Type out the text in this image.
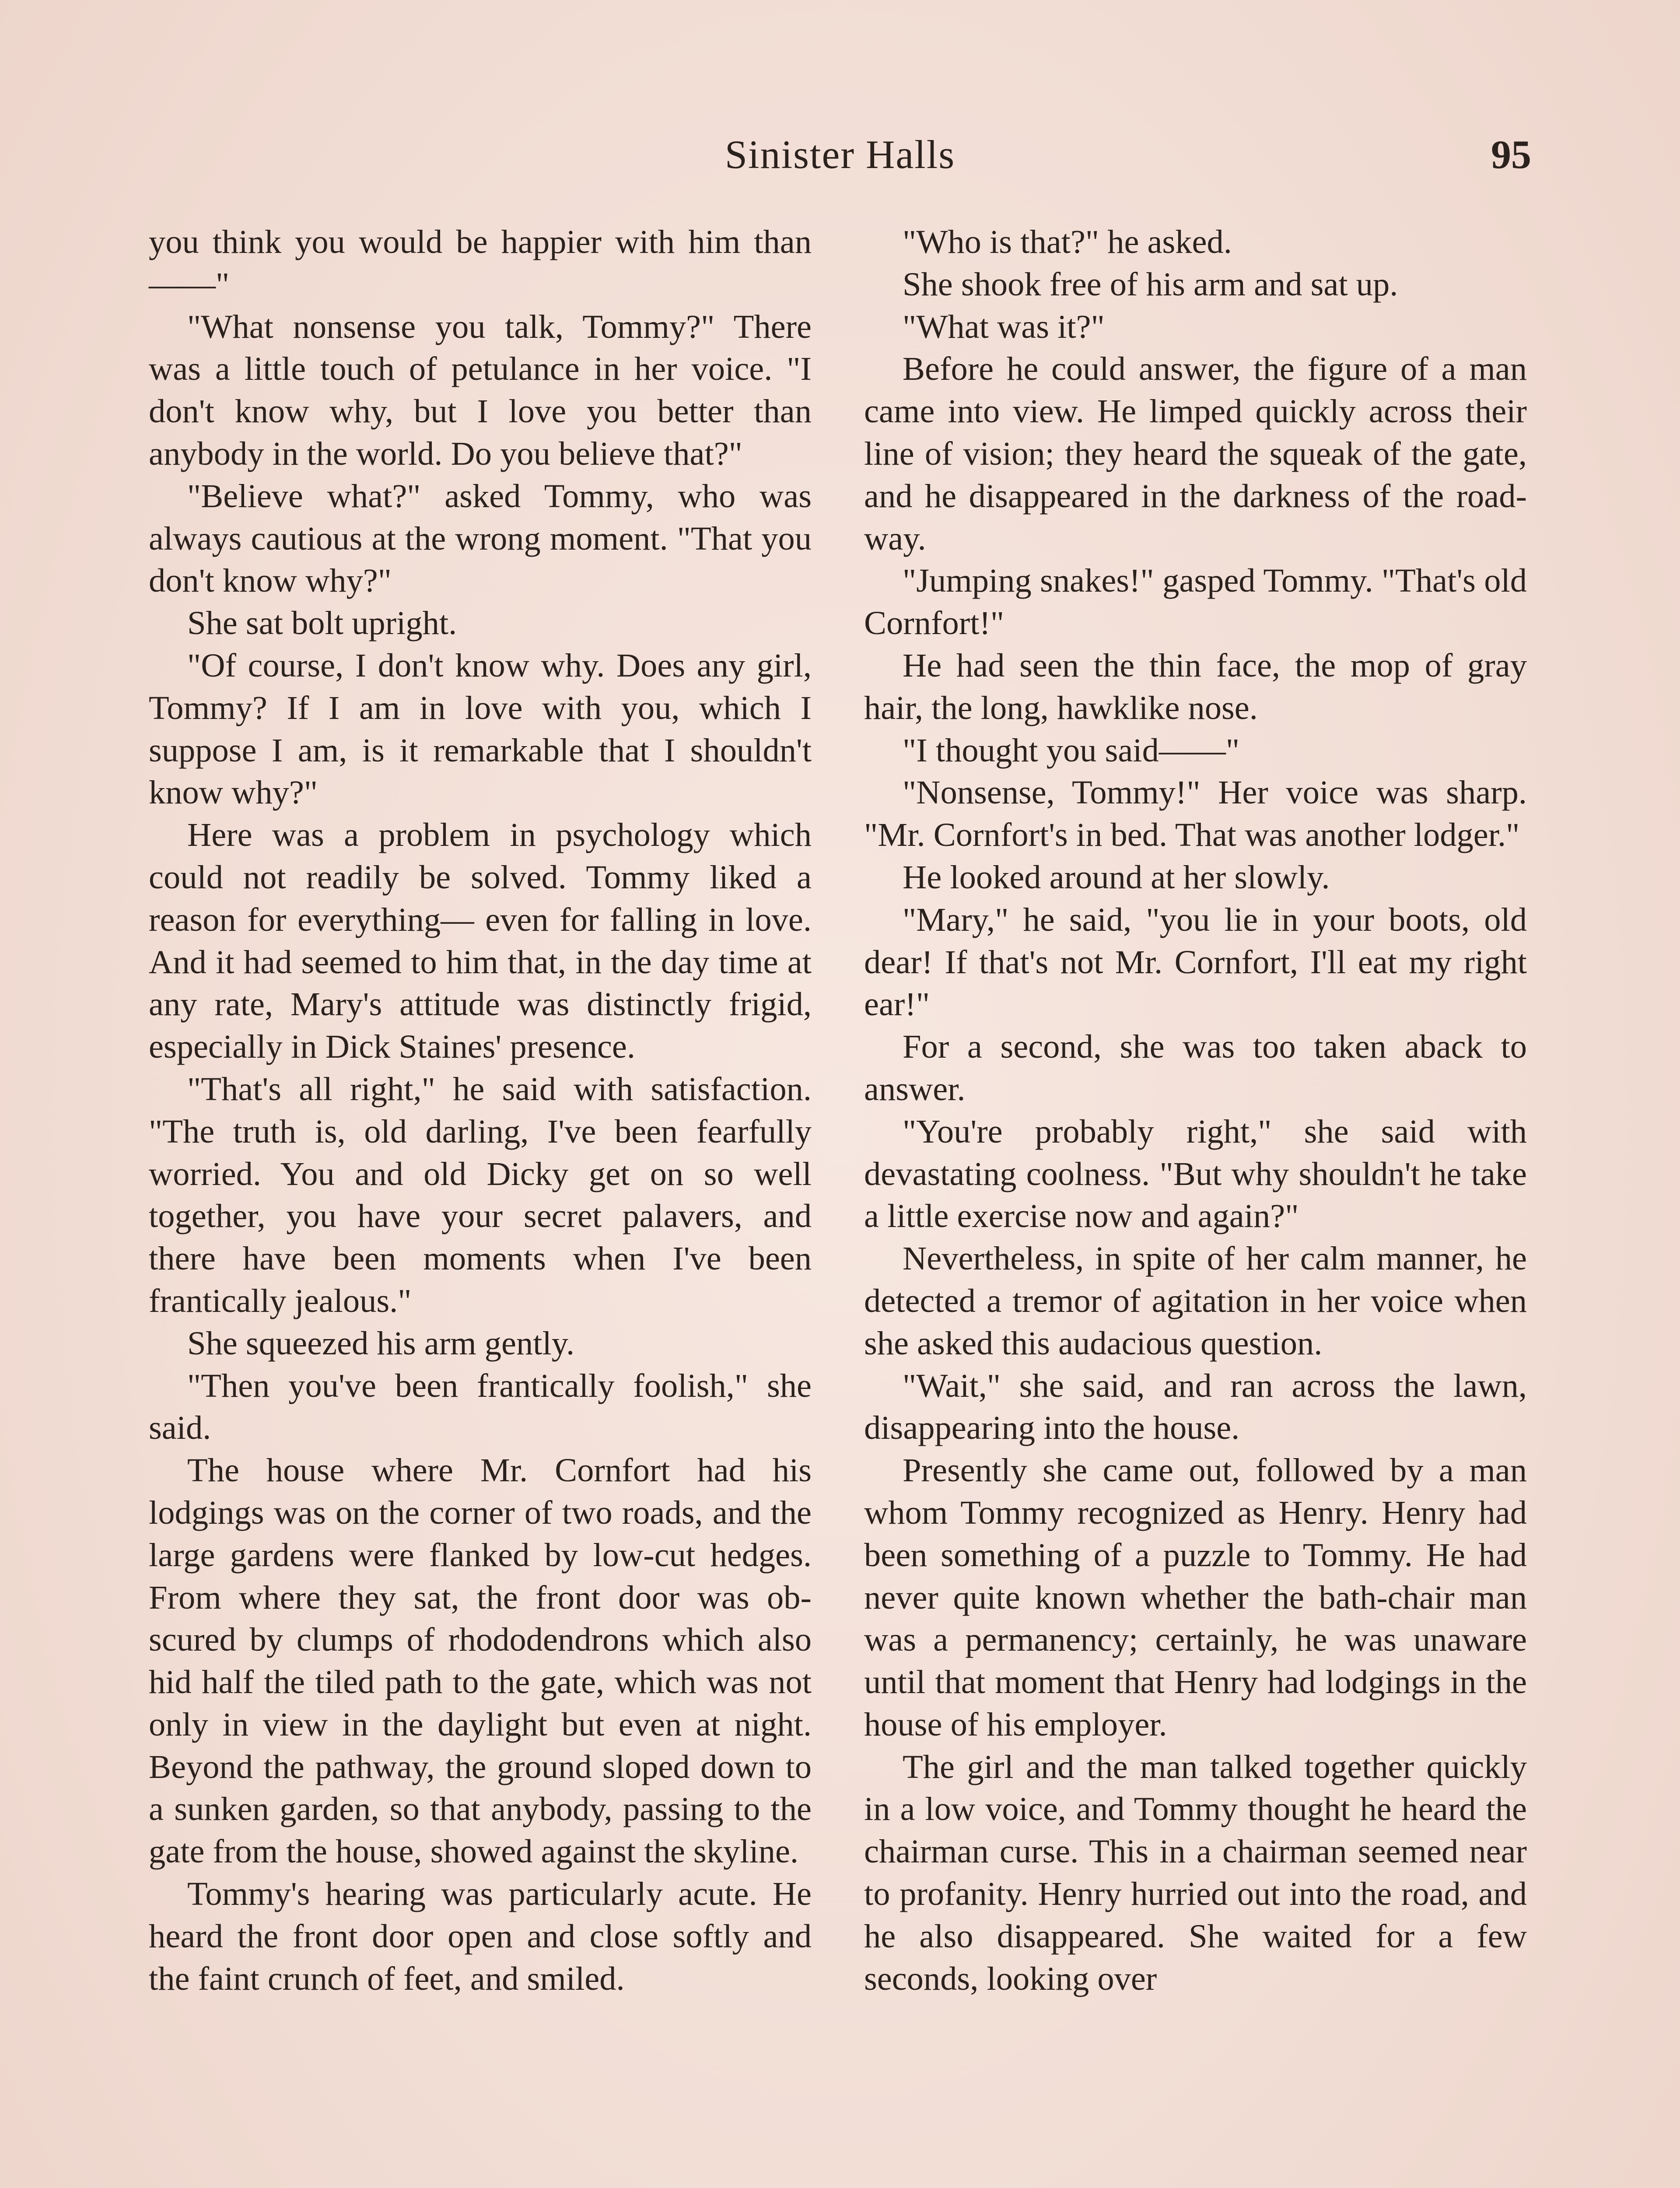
Sinister Halls	95

you think you would be happier with him than——"

"What nonsense you talk, Tommy?" There was a little touch of petulance in her voice. "I don't know why, but I love you better than anybody in the world. Do you believe that?"

"Believe what?" asked Tommy, who was always cautious at the wrong moment. "That you don't know why?"

She sat bolt upright.

"Of course, I don't know why. Does any girl, Tommy? If I am in love with you, which I suppose I am, is it remarkable that I shouldn't know why?"

Here was a problem in psychology which could not readily be solved. Tommy liked a reason for everything— even for falling in love. And it had seemed to him that, in the day time at any rate, Mary's attitude was distinctly frigid, especially in Dick Staines' presence.

"That's all right," he said with satisfaction. "The truth is, old darling, I've been fearfully worried. You and old Dicky get on so well together, you have your secret palavers, and there have been moments when I've been frantically jealous."

She squeezed his arm gently.

"Then you've been frantically foolish," she said.

The house where Mr. Cornfort had his lodgings was on the corner of two roads, and the large gardens were flanked by low-cut hedges. From where they sat, the front door was obscured by clumps of rhododendrons which also hid half the tiled path to the gate, which was not only in view in the daylight but even at night. Beyond the pathway, the ground sloped down to a sunken garden, so that anybody, passing to the gate from the house, showed against the skyline.

Tommy's hearing was particularly acute. He heard the front door open and close softly and the faint crunch of feet, and smiled.

"Who is that?" he asked.

She shook free of his arm and sat up.

"What was it?"

Before he could answer, the figure of a man came into view. He limped quickly across their line of vision; they heard the squeak of the gate, and he disappeared in the darkness of the roadway.

"Jumping snakes!" gasped Tommy. "That's old Cornfort!"

He had seen the thin face, the mop of gray hair, the long, hawklike nose.

"I thought you said——"

"Nonsense, Tommy!" Her voice was sharp. "Mr. Cornfort's in bed. That was another lodger."

He looked around at her slowly.

"Mary," he said, "you lie in your boots, old dear! If that's not Mr. Cornfort, I'll eat my right ear!"

For a second, she was too taken aback to answer.

"You're probably right," she said with devastating coolness. "But why shouldn't he take a little exercise now and again?"

Nevertheless, in spite of her calm manner, he detected a tremor of agitation in her voice when she asked this audacious question.

"Wait," she said, and ran across the lawn, disappearing into the house.

Presently she came out, followed by a man whom Tommy recognized as Henry. Henry had been something of a puzzle to Tommy. He had never quite known whether the bath-chair man was a permanency; certainly, he was unaware until that moment that Henry had lodgings in the house of his employer.

The girl and the man talked together quickly in a low voice, and Tommy thought he heard the chairman curse. This in a chairman seemed near to profanity. Henry hurried out into the road, and he also disappeared. She waited for a few seconds, looking over
